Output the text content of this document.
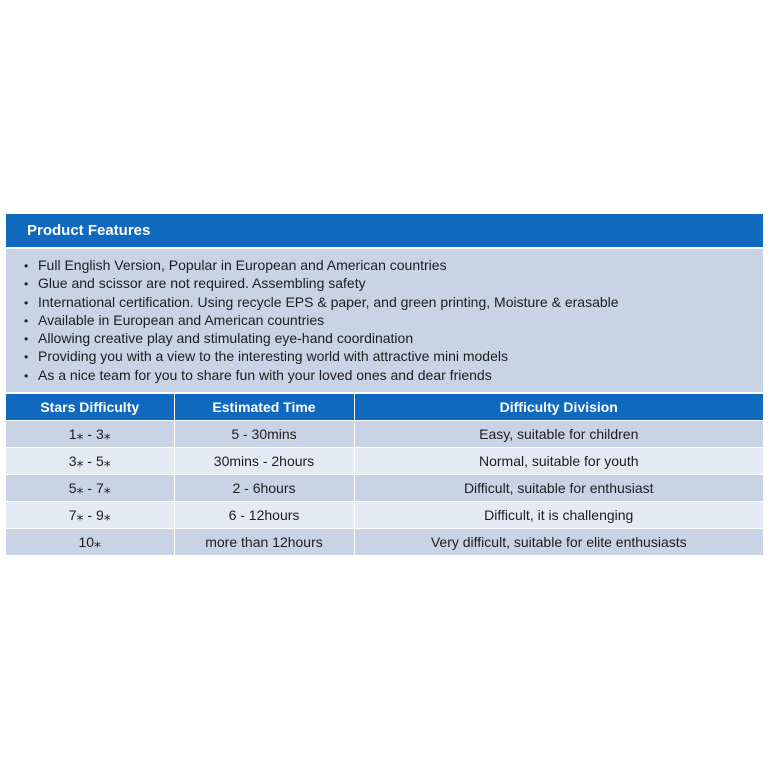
Product Features
• Full English Version, Popular in European and American countries
• Glue and scissor are not required. Assembling safety
• International certification. Using recycle EPS & paper, and green printing, Moisture & erasable
• Available in European and American countries
• Allowing creative play and stimulating eye-hand coordination
• Providing you with a view to the interesting world with attractive mini models
• As a nice team for you to share fun with your loved ones and dear friends
Stars Difficulty	Estimated Time	Difficulty Division
1⁎ - 3⁎	5 - 30mins	Easy, suitable for children
3⁎ - 5⁎	30mins - 2hours	Normal, suitable for youth
5⁎ - 7⁎	2 - 6hours	Difficult, suitable for enthusiast
7⁎ - 9⁎	6 - 12hours	Difficult, it is challenging
10⁎	more than 12hours	Very difficult, suitable for elite enthusiasts
